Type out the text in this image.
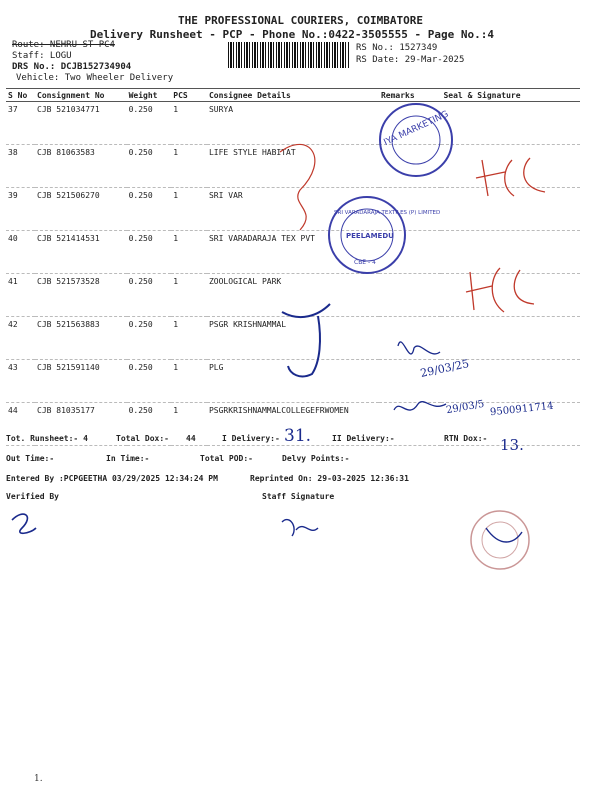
THE PROFESSIONAL COURIERS, COIMBATORE
Delivery Runsheet - PCP - Phone No.:0422-3505555 - Page No.:4
Route: NEHRU ST PC4
Staff: LOGU
DRS No.: DCJB152734904
Vehicle: Two Wheeler Delivery
RS No.: 1527349
RS Date: 29-Mar-2025
S No	Consignment No	Weight	PCS	Consignee Details	Remarks	Seal & Signature
37	CJB 521034771	0.250	1	SURYA		
38	CJB 81063583	0.250	1	LIFE STYLE HABITAT		
39	CJB 521506270	0.250	1	SRI VAR		
40	CJB 521414531	0.250	1	SRI VARADARAJA TEX PVT		
41	CJB 521573528	0.250	1	ZOOLOGICAL PARK		
42	CJB 521563883	0.250	1	PSGR KRISHNAMMAL		
43	CJB 521591140	0.250	1	PLG		
44	CJB 81035177	0.250	1	PSGRKRISHNAMMALCOLLEGEFRWOMEN		
IYA MARKETING
SRI VARADARAJA TEXTILES (P) LIMITED
PEELAMEDU
CBE - 4
29/03/25
29/03/5 9500911714
Tot. Runsheet:- 4	Total Dox:- 44	I Delivery:- 31.	II Delivery:-	RTN Dox:- 13.
Out Time:-	In Time:-	Total POD:-	Delvy Points:-
Entered By :PCPGEETHA 03/29/2025 12:34:24 PM	Reprinted On: 29-03-2025 12:36:31
Verified By	Staff Signature
1.
